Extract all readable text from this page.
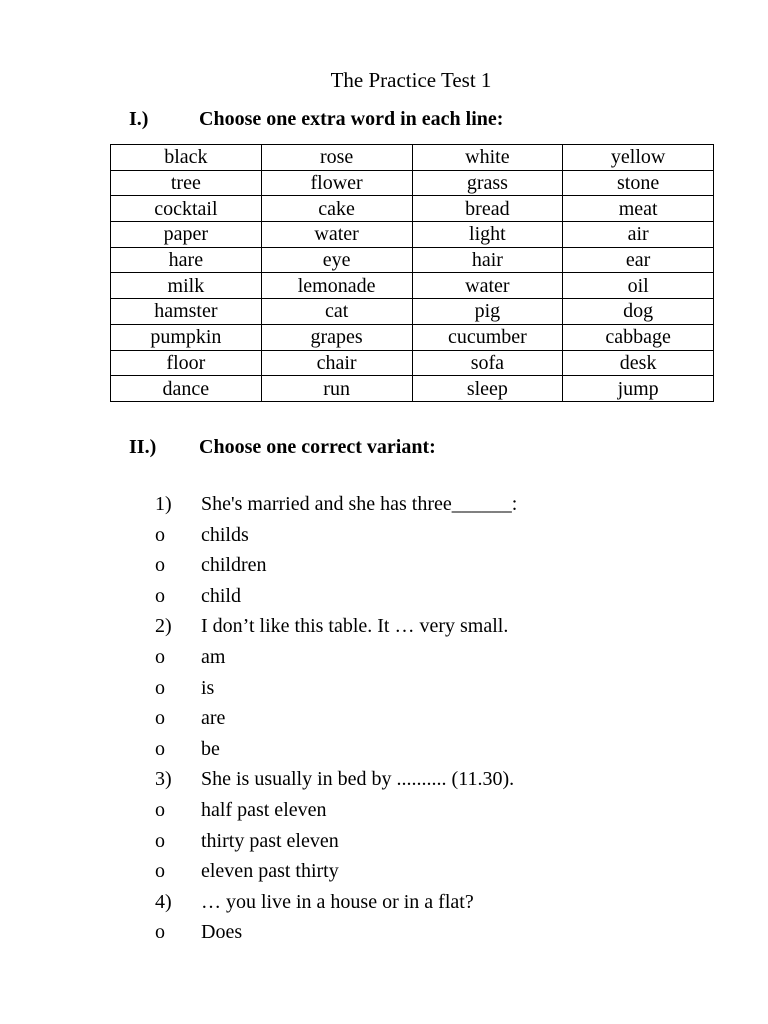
The Practice Test 1
I.)	Choose one extra word in each line:
black	rose	white	yellow
tree	flower	grass	stone
cocktail	cake	bread	meat
paper	water	light	air
hare	eye	hair	ear
milk	lemonade	water	oil
hamster	cat	pig	dog
pumpkin	grapes	cucumber	cabbage
floor	chair	sofa	desk
dance	run	sleep	jump
II.) Choose one correct variant:
1)	She's married and she has three______:
o	childs
o	children
o	child
2)	I don’t like this table. It … very small.
o	am
o	is
o	are
o	be
3)	She is usually in bed by .......... (11.30).
o	half past eleven
o	thirty past eleven
o	eleven past thirty
4)	… you live in a house or in a flat?
o	Does
